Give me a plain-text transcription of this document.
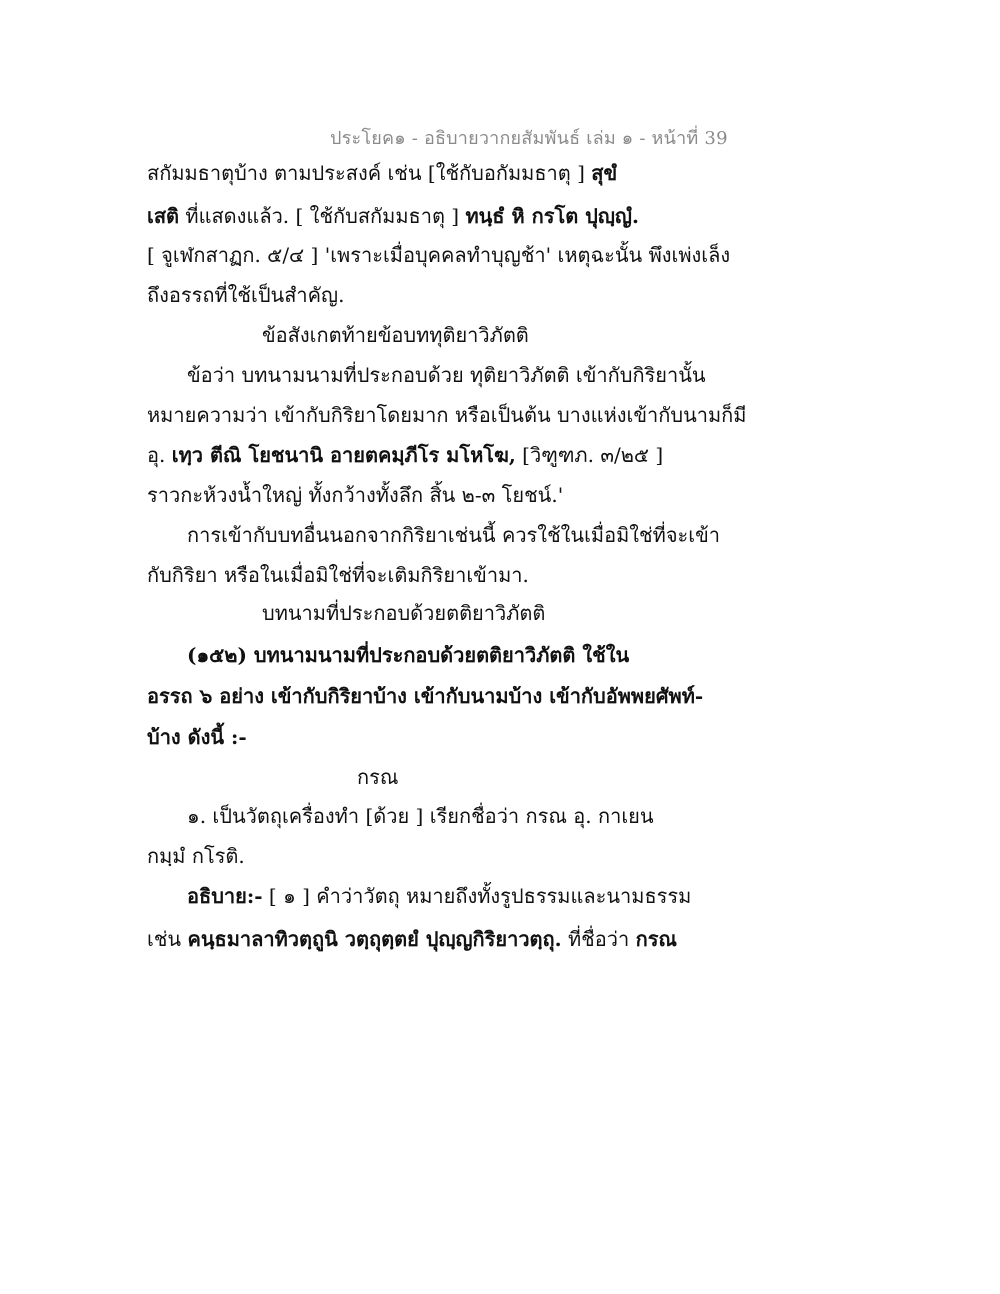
ประโยค๑ - อธิบายวากยสัมพันธ์ เล่ม ๑ - หน้าที่ 39
สกัมมธาตุบ้าง ตามประสงค์ เช่น [ใช้กับอกัมมธาตุ ] สุขํ
เสติ ที่แสดงแล้ว. [ ใช้กับสกัมมธาตุ ] ทนฺธํ หิ กรโต ปุญฺญํ.
[ จูเฬกสาฏก. ๕/๔ ] 'เพราะเมื่อบุคคลทำบุญช้า' เหตุฉะนั้น พึงเพ่งเล็ง
ถึงอรรถที่ใช้เป็นสำคัญ.
ข้อสังเกตท้ายข้อบททุติยาวิภัตติ
ข้อว่า บทนามนามที่ประกอบด้วย ทุติยาวิภัตติ เข้ากับกิริยานั้น
หมายความว่า เข้ากับกิริยาโดยมาก หรือเป็นต้น บางแห่งเข้ากับนามก็มี
อุ. เทฺว ตีณิ โยชนานิ อายตคมฺภีโร มโหโฆ, [วิฑูฑภ. ๓/๒๕ ]
ราวกะห้วงน้ำใหญ่ ทั้งกว้างทั้งลึก สิ้น ๒-๓ โยชน์.'
การเข้ากับบทอื่นนอกจากกิริยาเช่นนี้ ควรใช้ในเมื่อมิใช่ที่จะเข้า
กับกิริยา หรือในเมื่อมิใช่ที่จะเติมกิริยาเข้ามา.
บทนามที่ประกอบด้วยตติยาวิภัตติ
(๑๕๒) บทนามนามที่ประกอบด้วยตติยาวิภัตติ ใช้ใน
อรรถ ๖ อย่าง เข้ากับกิริยาบ้าง เข้ากับนามบ้าง เข้ากับอัพพยศัพท์-
บ้าง ดังนี้ :-
กรณ
๑. เป็นวัตถุเครื่องทำ [ด้วย ] เรียกชื่อว่า กรณ อุ. กาเยน
กมฺมํ กโรติ.
อธิบาย:- [ ๑ ] คำว่าวัตถุ หมายถึงทั้งรูปธรรมและนามธรรม
เช่น คนฺธมาลาทิวตฺถูนิ วตฺถุตฺตยํ ปุญฺญกิริยาวตฺถุ. ที่ชื่อว่า กรณ
